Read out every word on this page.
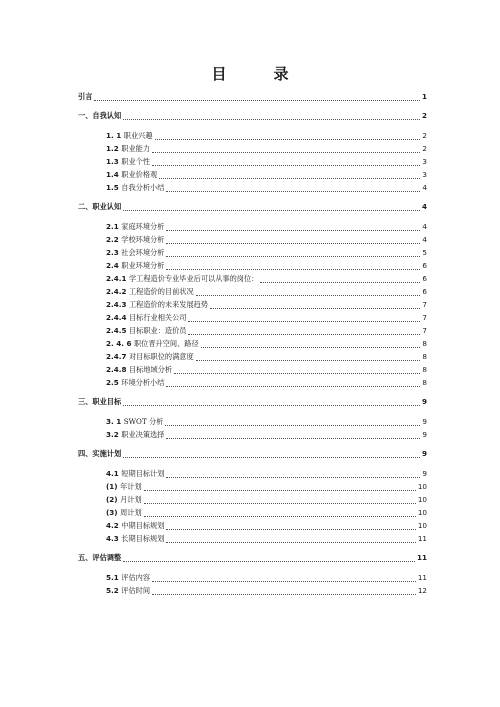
目　录
引言	1
一、自我认知	2
1. 1 职业兴趣	2
1.2 职业能力	2
1.3 职业个性	3
1.4 职业价格观	3
1.5 自我分析小结	4
二、职业认知	4
2.1 家庭环境分析	4
2.2 学校环境分析	4
2.3 社会环境分析	5
2.4 职业环境分析	6
2.4.1 学工程造价专业毕业后可以从事的岗位：	6
2.4.2 工程造价的目前状况	6
2.4.3 工程造价的未来发展趋势	7
2.4.4 目标行业相关公司	7
2.4.5 目标职业：造价员	7
2. 4. 6 职位晋升空间、路径	8
2.4.7 对目标职位的满意度	8
2.4.8 目标地域分析	8
2.5 环境分析小结	8
三、职业目标	9
3. 1 SWOT 分析	9
3.2 职业决策选择	9
四、实施计划	9
4.1 短期目标计划	9
(1) 年计划	10
(2) 月计划	10
(3) 周计划	10
4.2 中期目标规划	10
4.3 长期目标规划	11
五、评估调整	11
5.1 评估内容	11
5.2 评估时间	12
